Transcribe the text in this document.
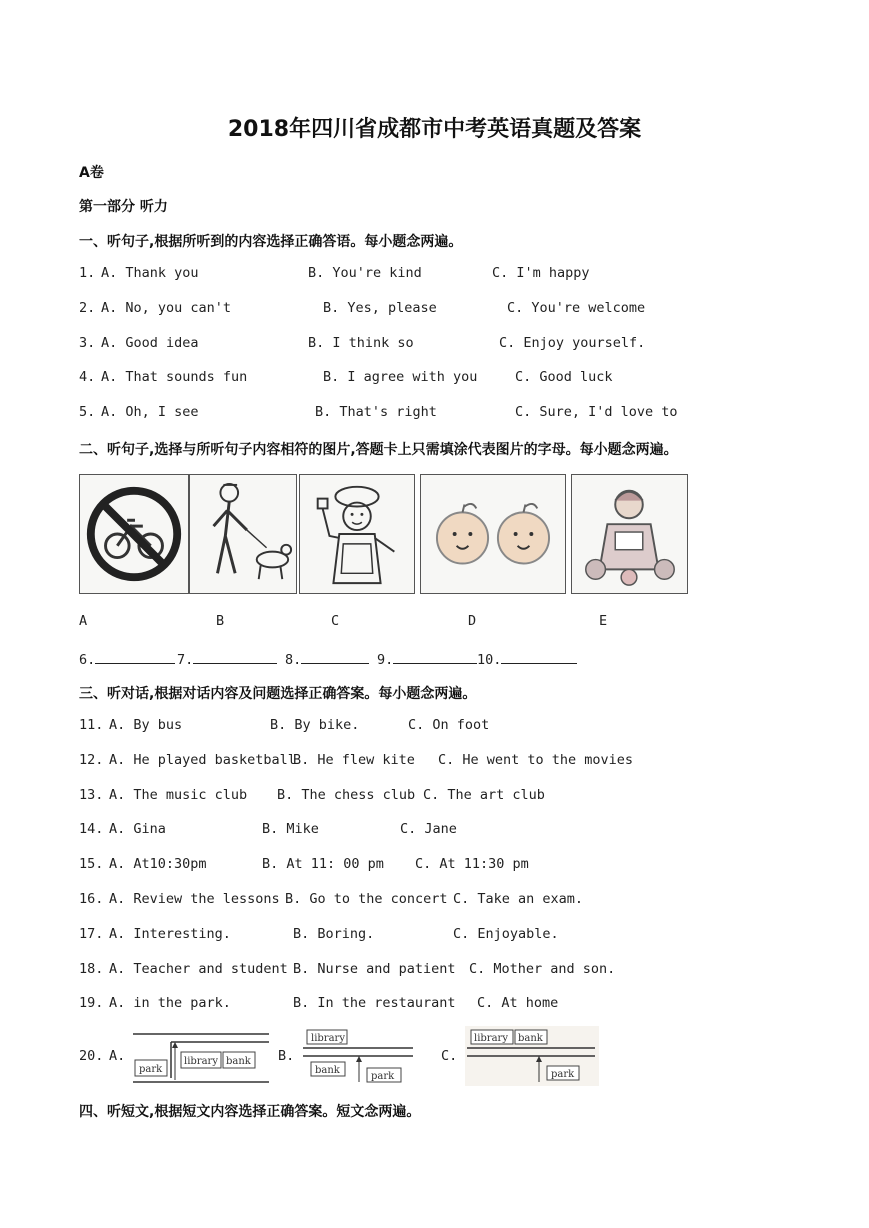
2018年四川省成都市中考英语真题及答案
A卷
第一部分 听力
一、听句子,根据所听到的内容选择正确答语。每小题念两遍。
1. A. Thank you	B. You're kind	C. I'm happy
2. A. No, you can't	B. Yes, please	C. You're welcome
3. A. Good idea	B. I think so	C. Enjoy yourself.
4. A. That sounds fun	B. I agree with you	C. Good luck
5. A. Oh, I see	B. That's right	C. Sure, I'd love to
二、听句子,选择与所听句子内容相符的图片,答题卡上只需填涂代表图片的字母。每小题念两遍。
A	B	C	D	E
6.	7.	8.	9.	10.
三、听对话,根据对话内容及问题选择正确答案。每小题念两遍。
11. A. By bus	B. By bike.	C. On foot
12. A. He played basketball
B. He flew kite C. He went to the movies
13. A. The music club B. The chess club C. The art club
14. A. Gina	B. Mike	C. Jane
15. A. At10:30pm	B. At 11: 00 pm C. At 11:30 pm
16. A. Review the lessons B. Go to the concert C. Take an exam.
17. A. Interesting.	B. Boring.	C. Enjoyable.
18. A. Teacher and student B. Nurse and patient C. Mother and son.
19. A. in the park.	B. In the restaurant C. At home
20. A.	B.	C.
park
library bank
library
bank
park
library bank
park
四、听短文,根据短文内容选择正确答案。短文念两遍。
